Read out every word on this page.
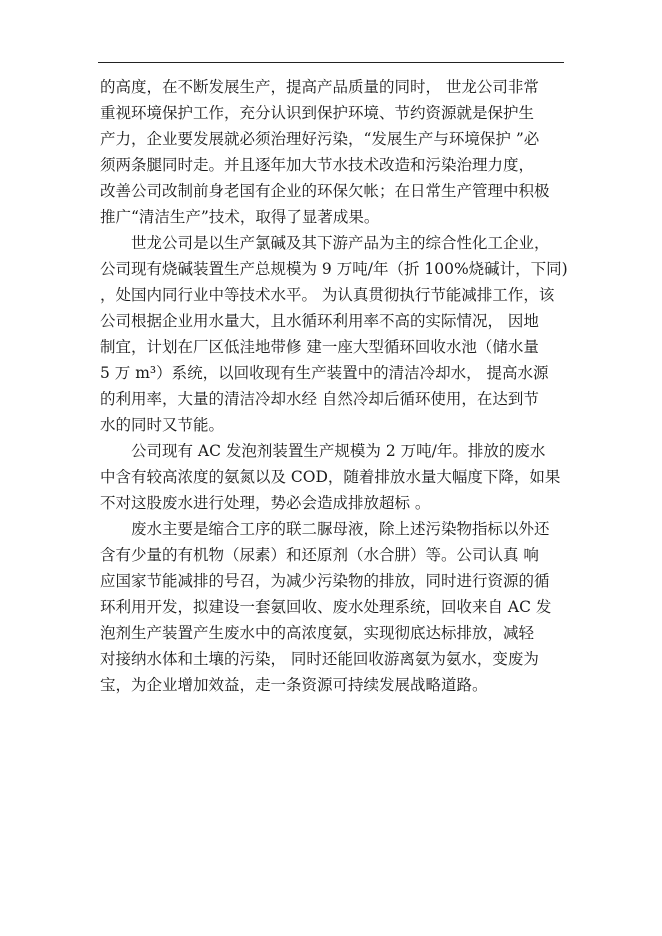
的高度，在不断发展生产，提高产品质量的同时， 世龙公司非常
重视环境保护工作，充分认识到保护环境、节约资源就是保护生
产力，企业要发展就必须治理好污染，“发展生产与环境保护 ”必
须两条腿同时走。并且逐年加大节水技术改造和污染治理力度，
改善公司改制前身老国有企业的环保欠帐；在日常生产管理中积极
推广“清洁生产”技术，取得了显著成果。
世龙公司是以生产氯碱及其下游产品为主的综合性化工企业，
公司现有烧碱装置生产总规模为 9 万吨/年（折 100%烧碱计，下同)
，处国内同行业中等技术水平。 为认真贯彻执行节能减排工作，该
公司根据企业用水量大，且水循环利用率不高的实际情况， 因地
制宜，计划在厂区低洼地带修 建一座大型循环回收水池（储水量
5 万 m³）系统，以回收现有生产装置中的清洁冷却水， 提高水源
的利用率，大量的清洁冷却水经 自然冷却后循环使用，在达到节
水的同时又节能。
公司现有 AC 发泡剂装置生产规模为 2 万吨/年。排放的废水
中含有较高浓度的氨氮以及 COD，随着排放水量大幅度下降，如果
不对这股废水进行处理，势必会造成排放超标 。
废水主要是缩合工序的联二脲母液，除上述污染物指标以外还
含有少量的有机物（尿素）和还原剂（水合肼）等。公司认真 响
应国家节能减排的号召，为减少污染物的排放，同时进行资源的循
环利用开发，拟建设一套氨回收、废水处理系统，回收来自 AC 发
泡剂生产装置产生废水中的高浓度氨，实现彻底达标排放，减轻
对接纳水体和土壤的污染， 同时还能回收游离氨为氨水，变废为
宝，为企业增加效益，走一条资源可持续发展战略道路。
